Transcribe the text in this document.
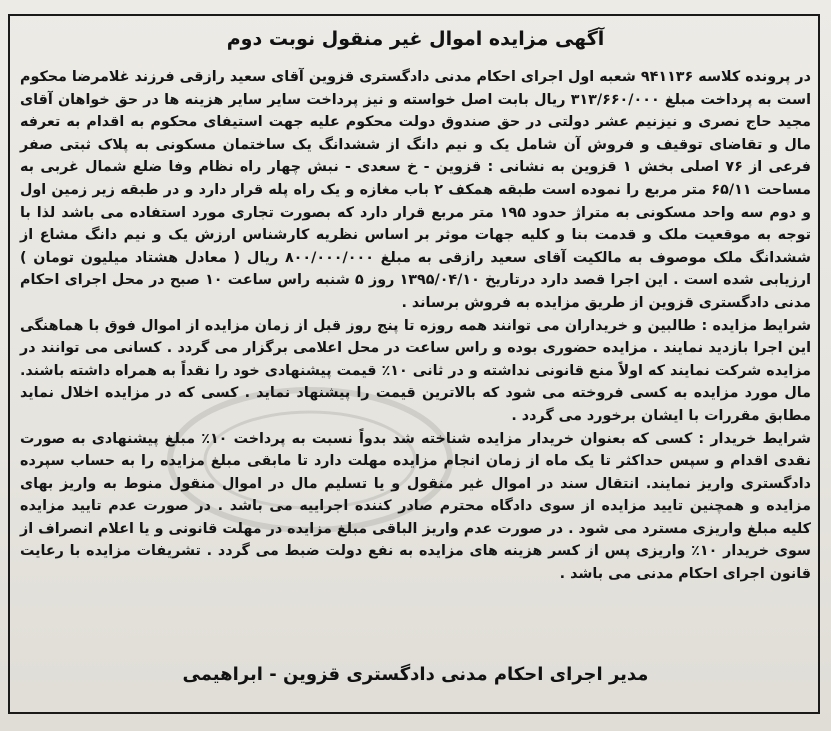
آگهی مزایده اموال غیر منقول نوبت دوم

در پرونده کلاسه ۹۴۱۱۳۶ شعبه اول اجرای احکام مدنی دادگستری قزوین آقای سعید رازقی فرزند غلامرضا محکوم است به پرداخت مبلغ ۳۱۳/۶۶۰/۰۰۰ ریال بابت اصل خواسته و نیز پرداخت سایر سایر هزینه ها در حق خواهان آقای مجید حاج نصری و نیزنیم عشر دولتی در حق صندوق دولت محکوم علیه جهت استیفای محکوم به اقدام به تعرفه مال و تقاضای توقیف و فروش آن شامل یک و نیم دانگ از ششدانگ یک ساختمان مسکونی به پلاک ثبتی صفر فرعی از ۷۶ اصلی بخش ۱ قزوین به نشانی : قزوین - خ سعدی - نبش چهار راه نظام وفا ضلع شمال غربی به مساحت ۶۵/۱۱ متر مربع را نموده است طبقه همکف ۲ باب مغازه و یک راه پله قرار دارد و در طبقه زیر زمین اول و دوم سه واحد مسکونی به متراژ حدود ۱۹۵ متر مربع قرار دارد که بصورت تجاری مورد استفاده می باشد لذا با توجه به موقعیت ملک و قدمت بنا و کلیه جهات موثر بر اساس نظریه کارشناس ارزش یک و نیم دانگ مشاع از ششدانگ ملک موصوف به مالکیت آقای سعید رازقی به مبلغ ۸۰۰/۰۰۰/۰۰۰ ریال ( معادل هشتاد میلیون تومان ) ارزیابی شده است . این اجرا قصد دارد درتاریخ ۱۳۹۵/۰۴/۱۰ روز ۵ شنبه راس ساعت ۱۰ صبح در محل اجرای احکام مدنی دادگستری قزوین از طریق مزایده به فروش برساند .

شرایط مزایده : طالبین و خریداران می توانند همه روزه تا پنج روز قبل از زمان مزایده از اموال فوق با هماهنگی این اجرا بازدید نمایند . مزایده حضوری بوده و راس ساعت در محل اعلامی برگزار می گردد . کسانی می توانند در مزایده شرکت نمایند که اولاً منع قانونی نداشته و در ثانی ۱۰٪ قیمت پیشنهادی خود را نقداً به همراه داشته باشند. مال مورد مزایده به کسی فروخته می شود که بالاترین قیمت را پیشنهاد نماید . کسی که در مزایده اخلال نماید مطابق مقررات با ایشان برخورد می گردد .

شرایط خریدار : کسی که بعنوان خریدار مزایده شناخته شد بدواً نسبت به پرداخت ۱۰٪ مبلغ پیشنهادی به صورت نقدی اقدام و سپس حداکثر تا یک ماه از زمان انجام مزایده مهلت دارد تا مابقی مبلغ مزایده را به حساب سپرده دادگستری واریز نمایند. انتقال سند در اموال غیر منقول و یا تسلیم مال در اموال منقول منوط به واریز بهای مزایده و همچنین تایید مزایده از سوی دادگاه محترم صادر کننده اجراییه می باشد . در صورت عدم تایید مزایده کلیه مبلغ واریزی مسترد می شود . در صورت عدم واریز الباقی مبلغ مزایده در مهلت قانونی و یا اعلام انصراف از سوی خریدار ۱۰٪ واریزی پس از کسر هزینه های مزایده به نفع دولت ضبط می گردد . تشریفات مزایده با رعایت قانون اجرای احکام مدنی می باشد .

مدیر اجرای احکام مدنی دادگستری قزوین - ابراهیمی
